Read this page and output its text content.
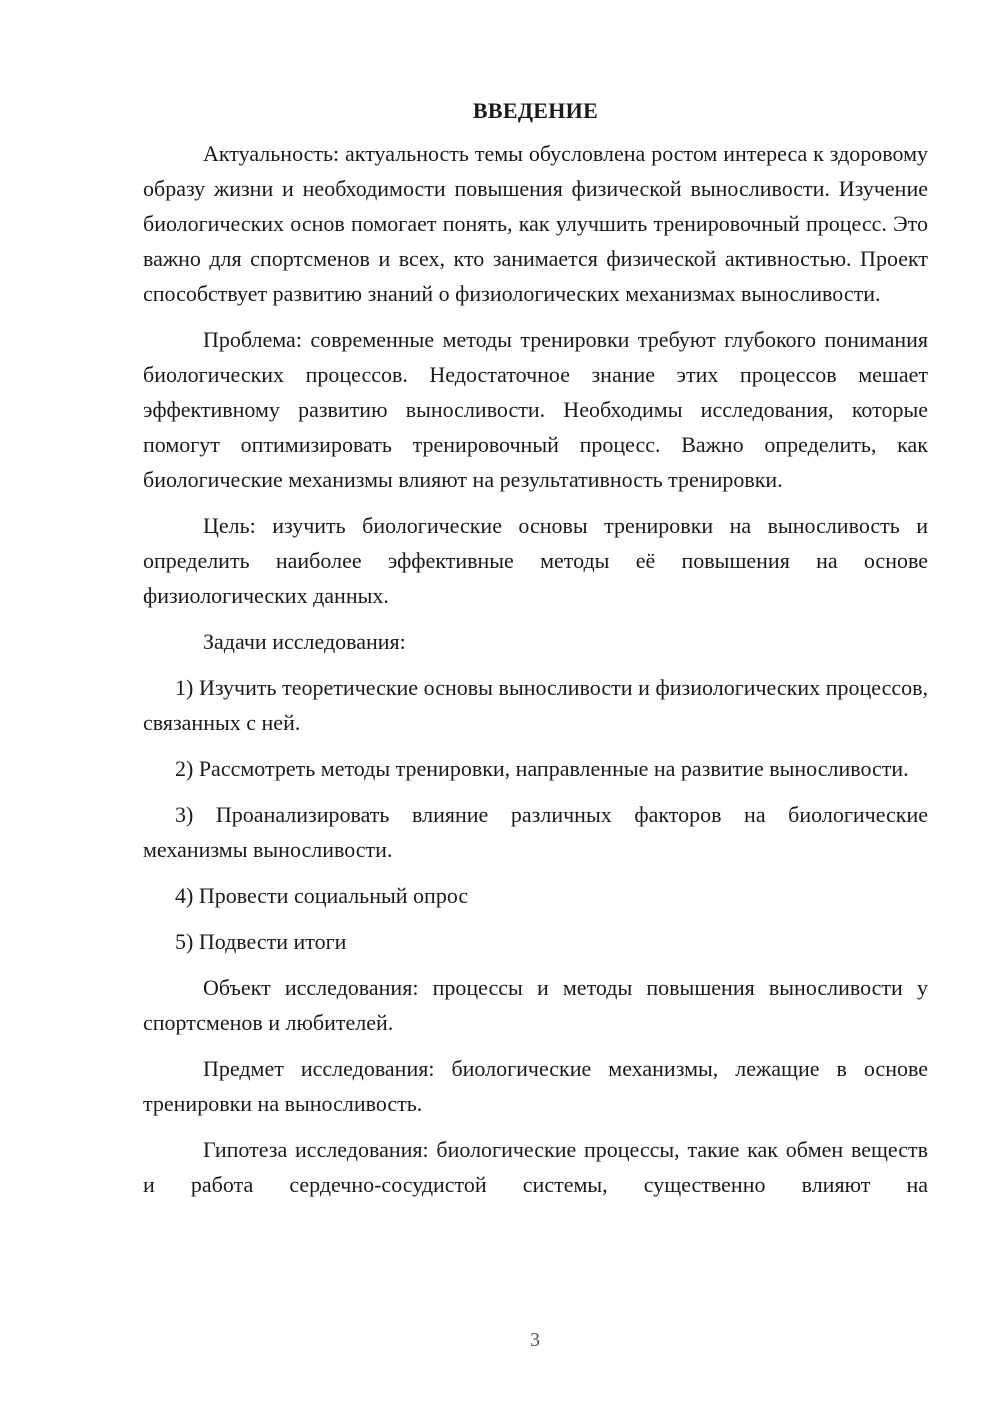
ВВЕДЕНИЕ

Актуальность: актуальность темы обусловлена ростом интереса к здоровому образу жизни и необходимости повышения физической выносливости. Изучение биологических основ помогает понять, как улучшить тренировочный процесс. Это важно для спортсменов и всех, кто занимается физической активностью. Проект способствует развитию знаний о физиологических механизмах выносливости.

Проблема: современные методы тренировки требуют глубокого понимания биологических процессов. Недостаточное знание этих процессов мешает эффективному развитию выносливости. Необходимы исследования, которые помогут оптимизировать тренировочный процесс. Важно определить, как биологические механизмы влияют на результативность тренировки.

Цель: изучить биологические основы тренировки на выносливость и определить наиболее эффективные методы её повышения на основе физиологических данных.

Задачи исследования:

1) Изучить теоретические основы выносливости и физиологических процессов, связанных с ней.

2) Рассмотреть методы тренировки, направленные на развитие выносливости.

3) Проанализировать влияние различных факторов на биологические механизмы выносливости.

4) Провести социальный опрос

5) Подвести итоги

Объект исследования: процессы и методы повышения выносливости у спортсменов и любителей.

Предмет исследования: биологические механизмы, лежащие в основе тренировки на выносливость.

Гипотеза исследования: биологические процессы, такие как обмен веществ и работа сердечно-сосудистой системы, существенно влияют на

3
